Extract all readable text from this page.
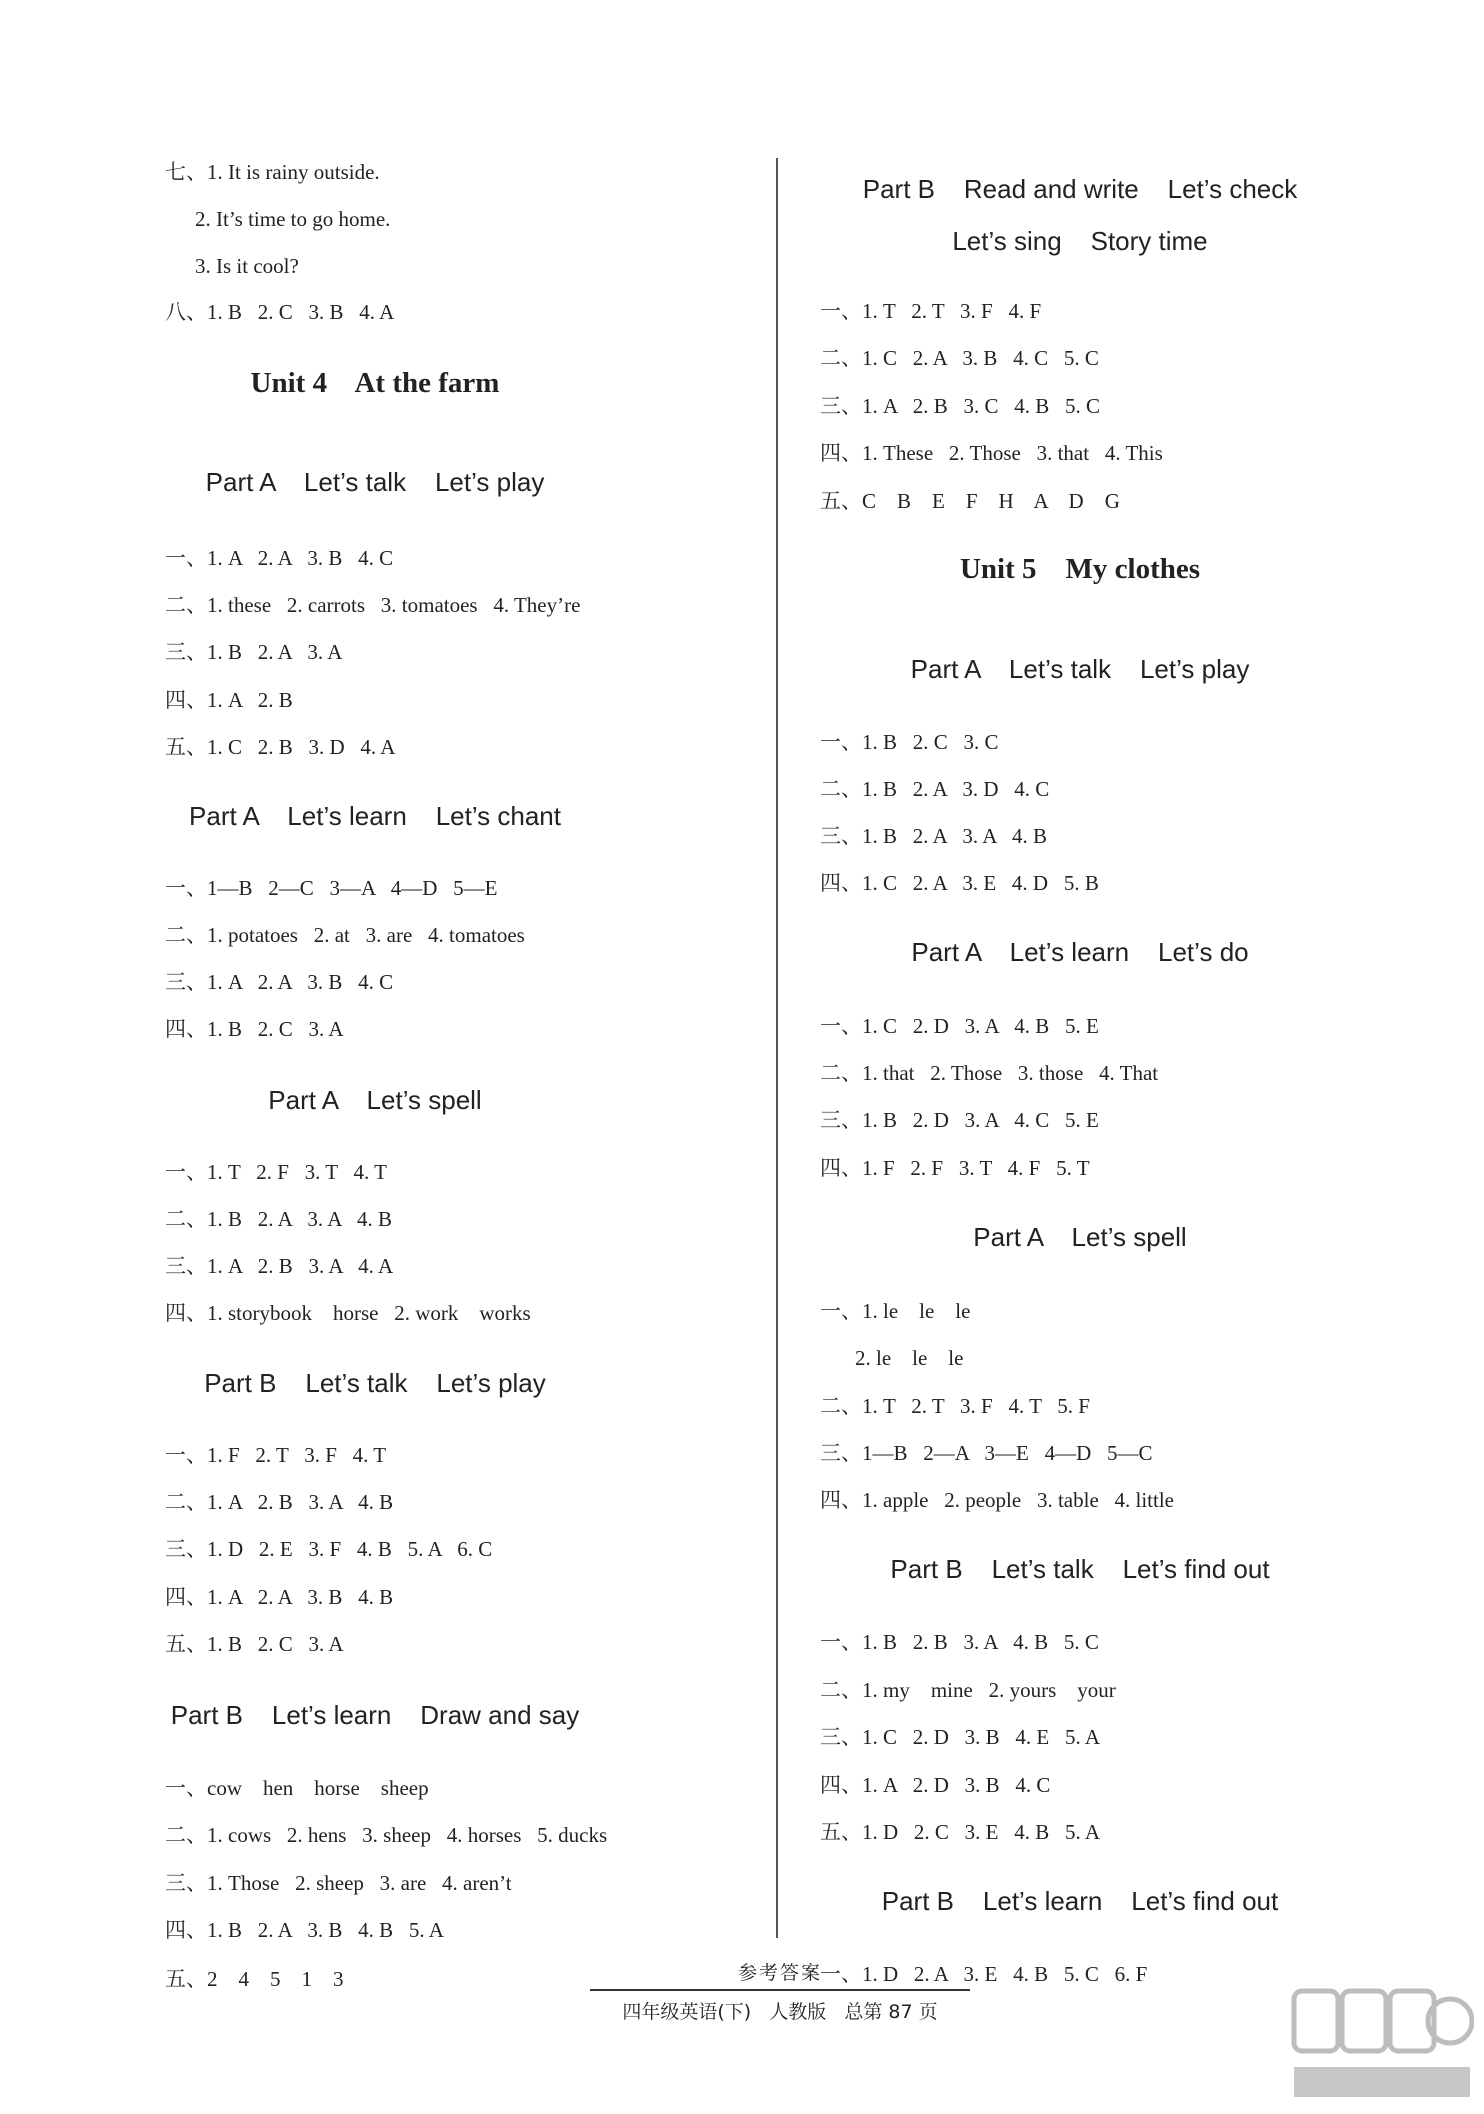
七、1. It is rainy outside.
2. It’s time to go home.
3. Is it cool?
八、1. B   2. C   3. B   4. A
Unit 4    At the farm
Part A    Let’s talk    Let’s play
一、1. A   2. A   3. B   4. C
二、1. these   2. carrots   3. tomatoes   4. They’re
三、1. B   2. A   3. A
四、1. A   2. B
五、1. C   2. B   3. D   4. A
Part A    Let’s learn    Let’s chant
一、1—B   2—C   3—A   4—D   5—E
二、1. potatoes   2. at   3. are   4. tomatoes
三、1. A   2. A   3. B   4. C
四、1. B   2. C   3. A
Part A    Let’s spell
一、1. T   2. F   3. T   4. T
二、1. B   2. A   3. A   4. B
三、1. A   2. B   3. A   4. A
四、1. storybook    horse   2. work    works
Part B    Let’s talk    Let’s play
一、1. F   2. T   3. F   4. T
二、1. A   2. B   3. A   4. B
三、1. D   2. E   3. F   4. B   5. A   6. C
四、1. A   2. A   3. B   4. B
五、1. B   2. C   3. A
Part B    Let’s learn    Draw and say
一、cow    hen    horse    sheep
二、1. cows   2. hens   3. sheep   4. horses   5. ducks
三、1. Those   2. sheep   3. are   4. aren’t
四、1. B   2. A   3. B   4. B   5. A
五、2    4    5    1    3
Part B    Read and write    Let’s check
Let’s sing    Story time
一、1. T   2. T   3. F   4. F
二、1. C   2. A   3. B   4. C   5. C
三、1. A   2. B   3. C   4. B   5. C
四、1. These   2. Those   3. that   4. This
五、C    B    E    F    H    A    D    G
Unit 5    My clothes
Part A    Let’s talk    Let’s play
一、1. B   2. C   3. C
二、1. B   2. A   3. D   4. C
三、1. B   2. A   3. A   4. B
四、1. C   2. A   3. E   4. D   5. B
Part A    Let’s learn    Let’s do
一、1. C   2. D   3. A   4. B   5. E
二、1. that   2. Those   3. those   4. That
三、1. B   2. D   3. A   4. C   5. E
四、1. F   2. F   3. T   4. F   5. T
Part A    Let’s spell
一、1. le    le    le
2. le    le    le
二、1. T   2. T   3. F   4. T   5. F
三、1—B   2—A   3—E   4—D   5—C
四、1. apple   2. people   3. table   4. little
Part B    Let’s talk    Let’s find out
一、1. B   2. B   3. A   4. B   5. C
二、1. my    mine   2. yours    your
三、1. C   2. D   3. B   4. E   5. A
四、1. A   2. D   3. B   4. C
五、1. D   2. C   3. E   4. B   5. A
Part B    Let’s learn    Let’s find out
一、1. D   2. A   3. E   4. B   5. C   6. F
参考答案
四年级英语(下)   人教版   总第 87 页
